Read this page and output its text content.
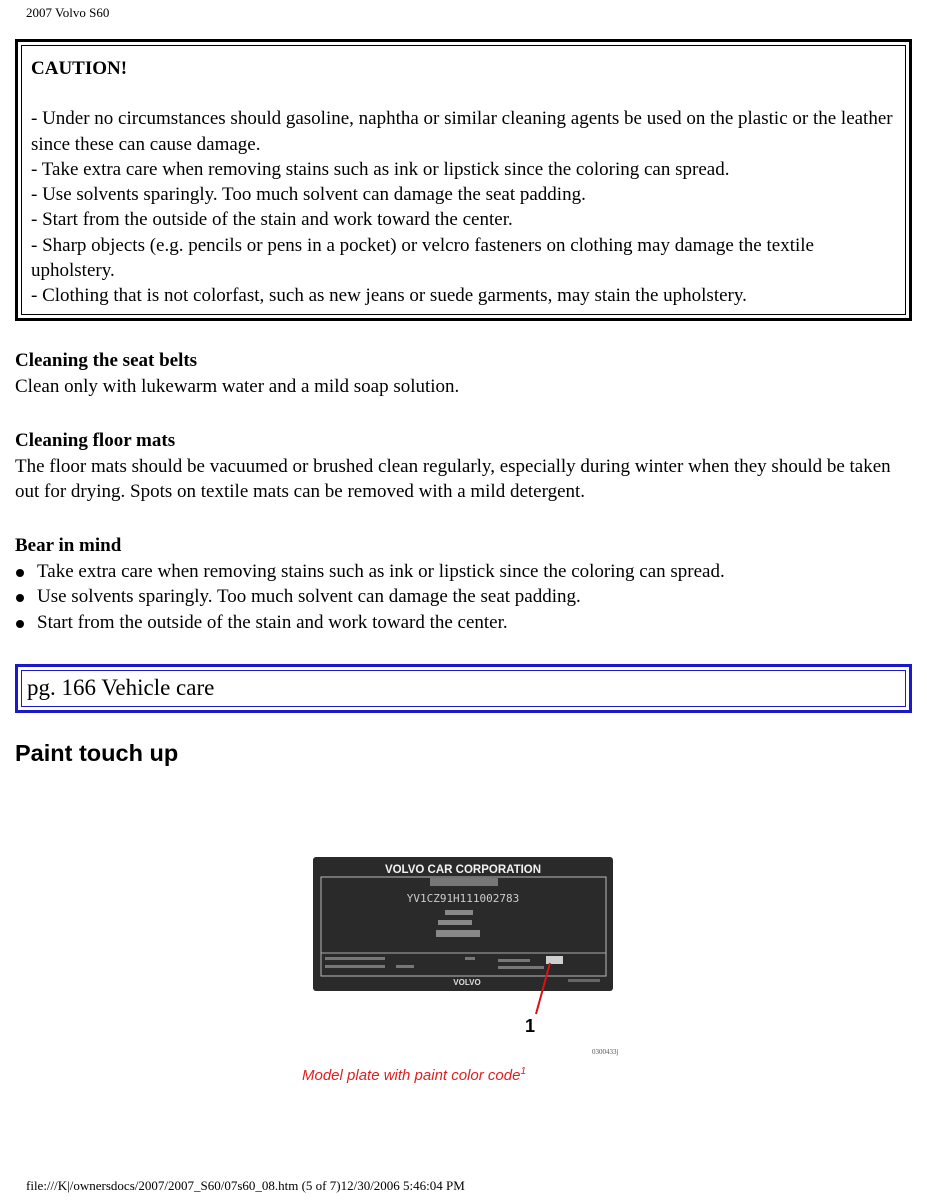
2007 Volvo S60

CAUTION!

- Under no circumstances should gasoline, naphtha or similar cleaning agents be used on the plastic or the leather since these can cause damage.

- Take extra care when removing stains such as ink or lipstick since the coloring can spread.

- Use solvents sparingly. Too much solvent can damage the seat padding.

- Start from the outside of the stain and work toward the center.

- Sharp objects (e.g. pencils or pens in a pocket) or velcro fasteners on clothing may damage the textile upholstery.

- Clothing that is not colorfast, such as new jeans or suede garments, may stain the upholstery.

Cleaning the seat belts

Clean only with lukewarm water and a mild soap solution.

Cleaning floor mats

The floor mats should be vacuumed or brushed clean regularly, especially during winter when they should be taken out for drying. Spots on textile mats can be removed with a mild detergent.

Bear in mind

Take extra care when removing stains such as ink or lipstick since the coloring can spread.
Use solvents sparingly. Too much solvent can damage the seat padding.
Start from the outside of the stain and work toward the center.
pg. 166 Vehicle care
Paint touch up
VOLVO CAR CORPORATION
YV1CZ91H111002783
VOLVO
1
0300433j
Model plate with paint color code$^1$
file:///K|/ownersdocs/2007/2007_S60/07s60_08.htm (5 of 7)12/30/2006 5:46:04 PM
